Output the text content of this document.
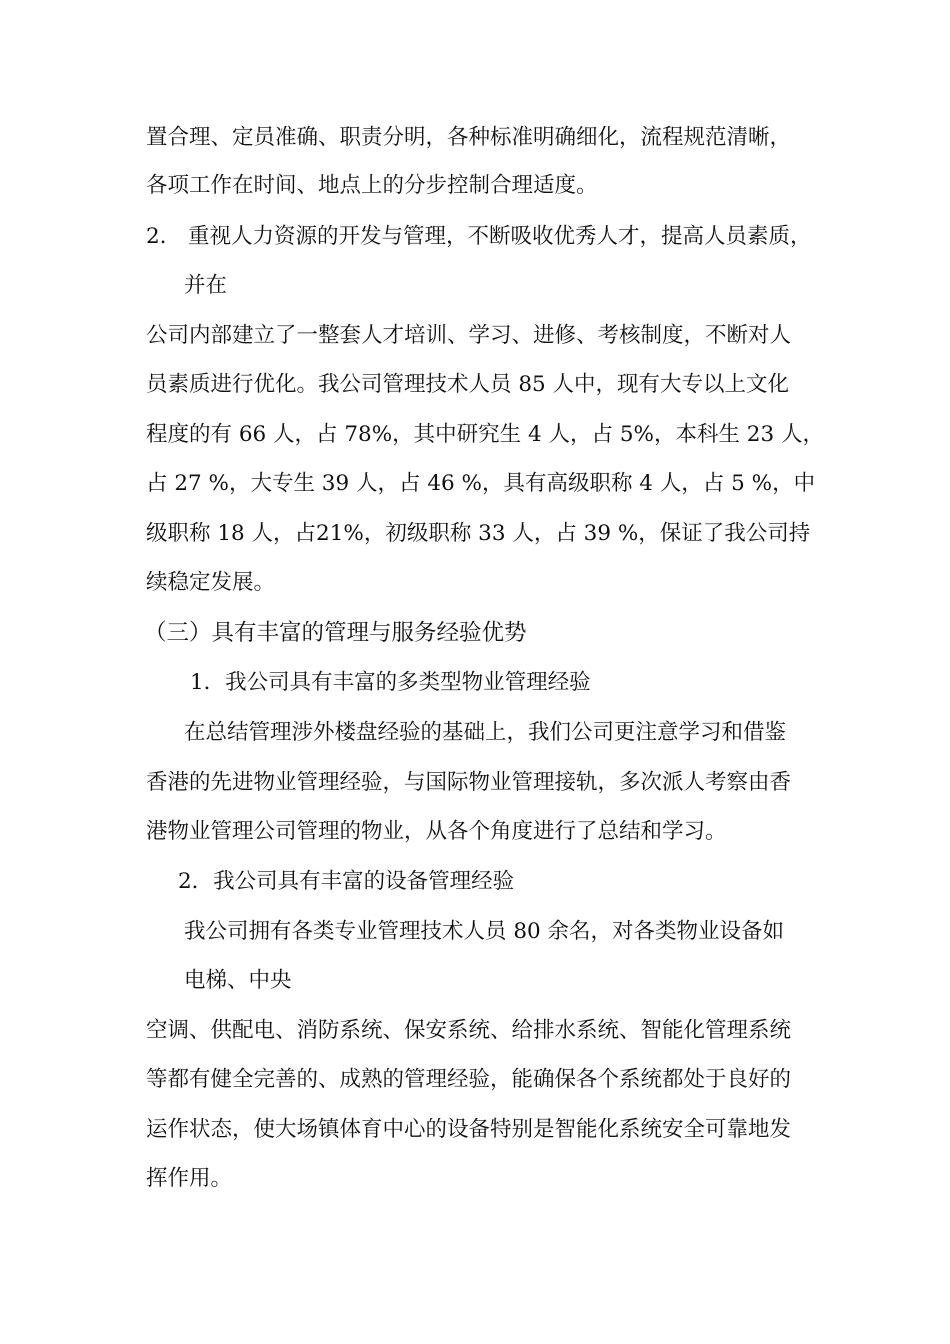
置合理、定员准确、职责分明，各种标准明确细化，流程规范清晰，
各项工作在时间、地点上的分步控制合理适度。
2. 重视人力资源的开发与管理，不断吸收优秀人才，提高人员素质，
并在
公司内部建立了一整套人才培训、学习、进修、考核制度，不断对人
员素质进行优化。我公司管理技术人员 85 人中，现有大专以上文化
程度的有 66 人，占 78%，其中研究生 4 人，占 5%，本科生 23 人，
占 27 %，大专生 39 人，占 46 %，具有高级职称 4 人，占 5 %，中
级职称 18 人，占21%，初级职称 33 人，占 39 %，保证了我公司持
续稳定发展。
（三）具有丰富的管理与服务经验优势
1．我公司具有丰富的多类型物业管理经验
在总结管理涉外楼盘经验的基础上，我们公司更注意学习和借鉴
香港的先进物业管理经验，与国际物业管理接轨，多次派人考察由香
港物业管理公司管理的物业，从各个角度进行了总结和学习。
2．我公司具有丰富的设备管理经验
我公司拥有各类专业管理技术人员 80 余名，对各类物业设备如
电梯、中央
空调、供配电、消防系统、保安系统、给排水系统、智能化管理系统
等都有健全完善的、成熟的管理经验，能确保各个系统都处于良好的
运作状态，使大场镇体育中心的设备特别是智能化系统安全可靠地发
挥作用。
